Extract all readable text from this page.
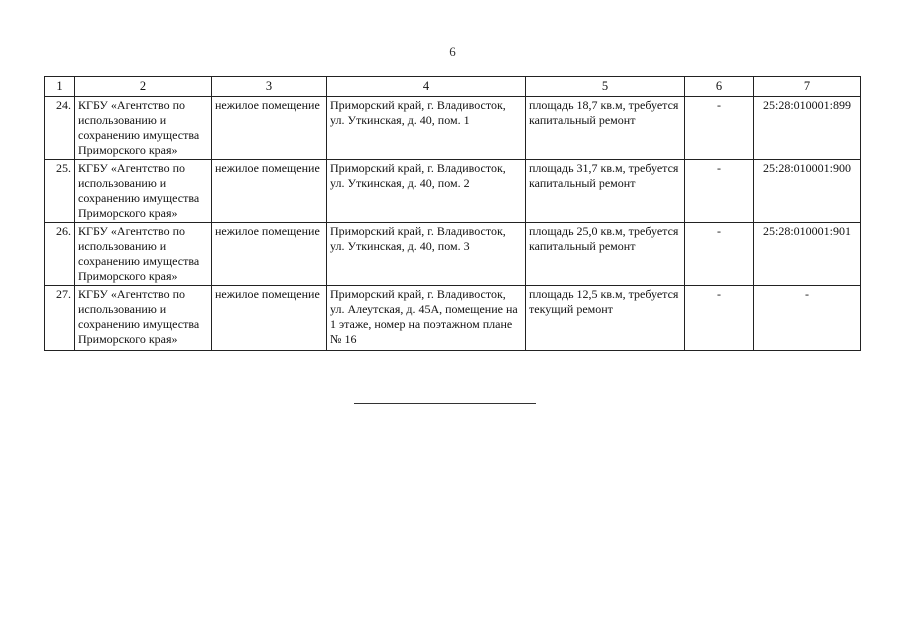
6
1	2	3	4	5	6	7
24.	КГБУ «Агентство по использованию и сохранению имущества Приморского края»	нежилое помещение	Приморский край, г. Владивосток, ул. Уткинская, д. 40, пом. 1	площадь 18,7 кв.м, требуется капитальный ремонт	-	25:28:010001:899
25.	КГБУ «Агентство по использованию и сохранению имущества Приморского края»	нежилое помещение	Приморский край, г. Владивосток, ул. Уткинская, д. 40, пом. 2	площадь 31,7 кв.м, требуется капитальный ремонт	-	25:28:010001:900
26.	КГБУ «Агентство по использованию и сохранению имущества Приморского края»	нежилое помещение	Приморский край, г. Владивосток, ул. Уткинская, д. 40, пом. 3	площадь 25,0 кв.м, требуется капитальный ремонт	-	25:28:010001:901
27.	КГБУ «Агентство по использованию и сохранению имущества Приморского края»	нежилое помещение	Приморский край, г. Владивосток, ул. Алеутская, д. 45А, помещение на 1 этаже, номер на поэтажном плане № 16	площадь 12,5 кв.м, требуется текущий ремонт	-	-
